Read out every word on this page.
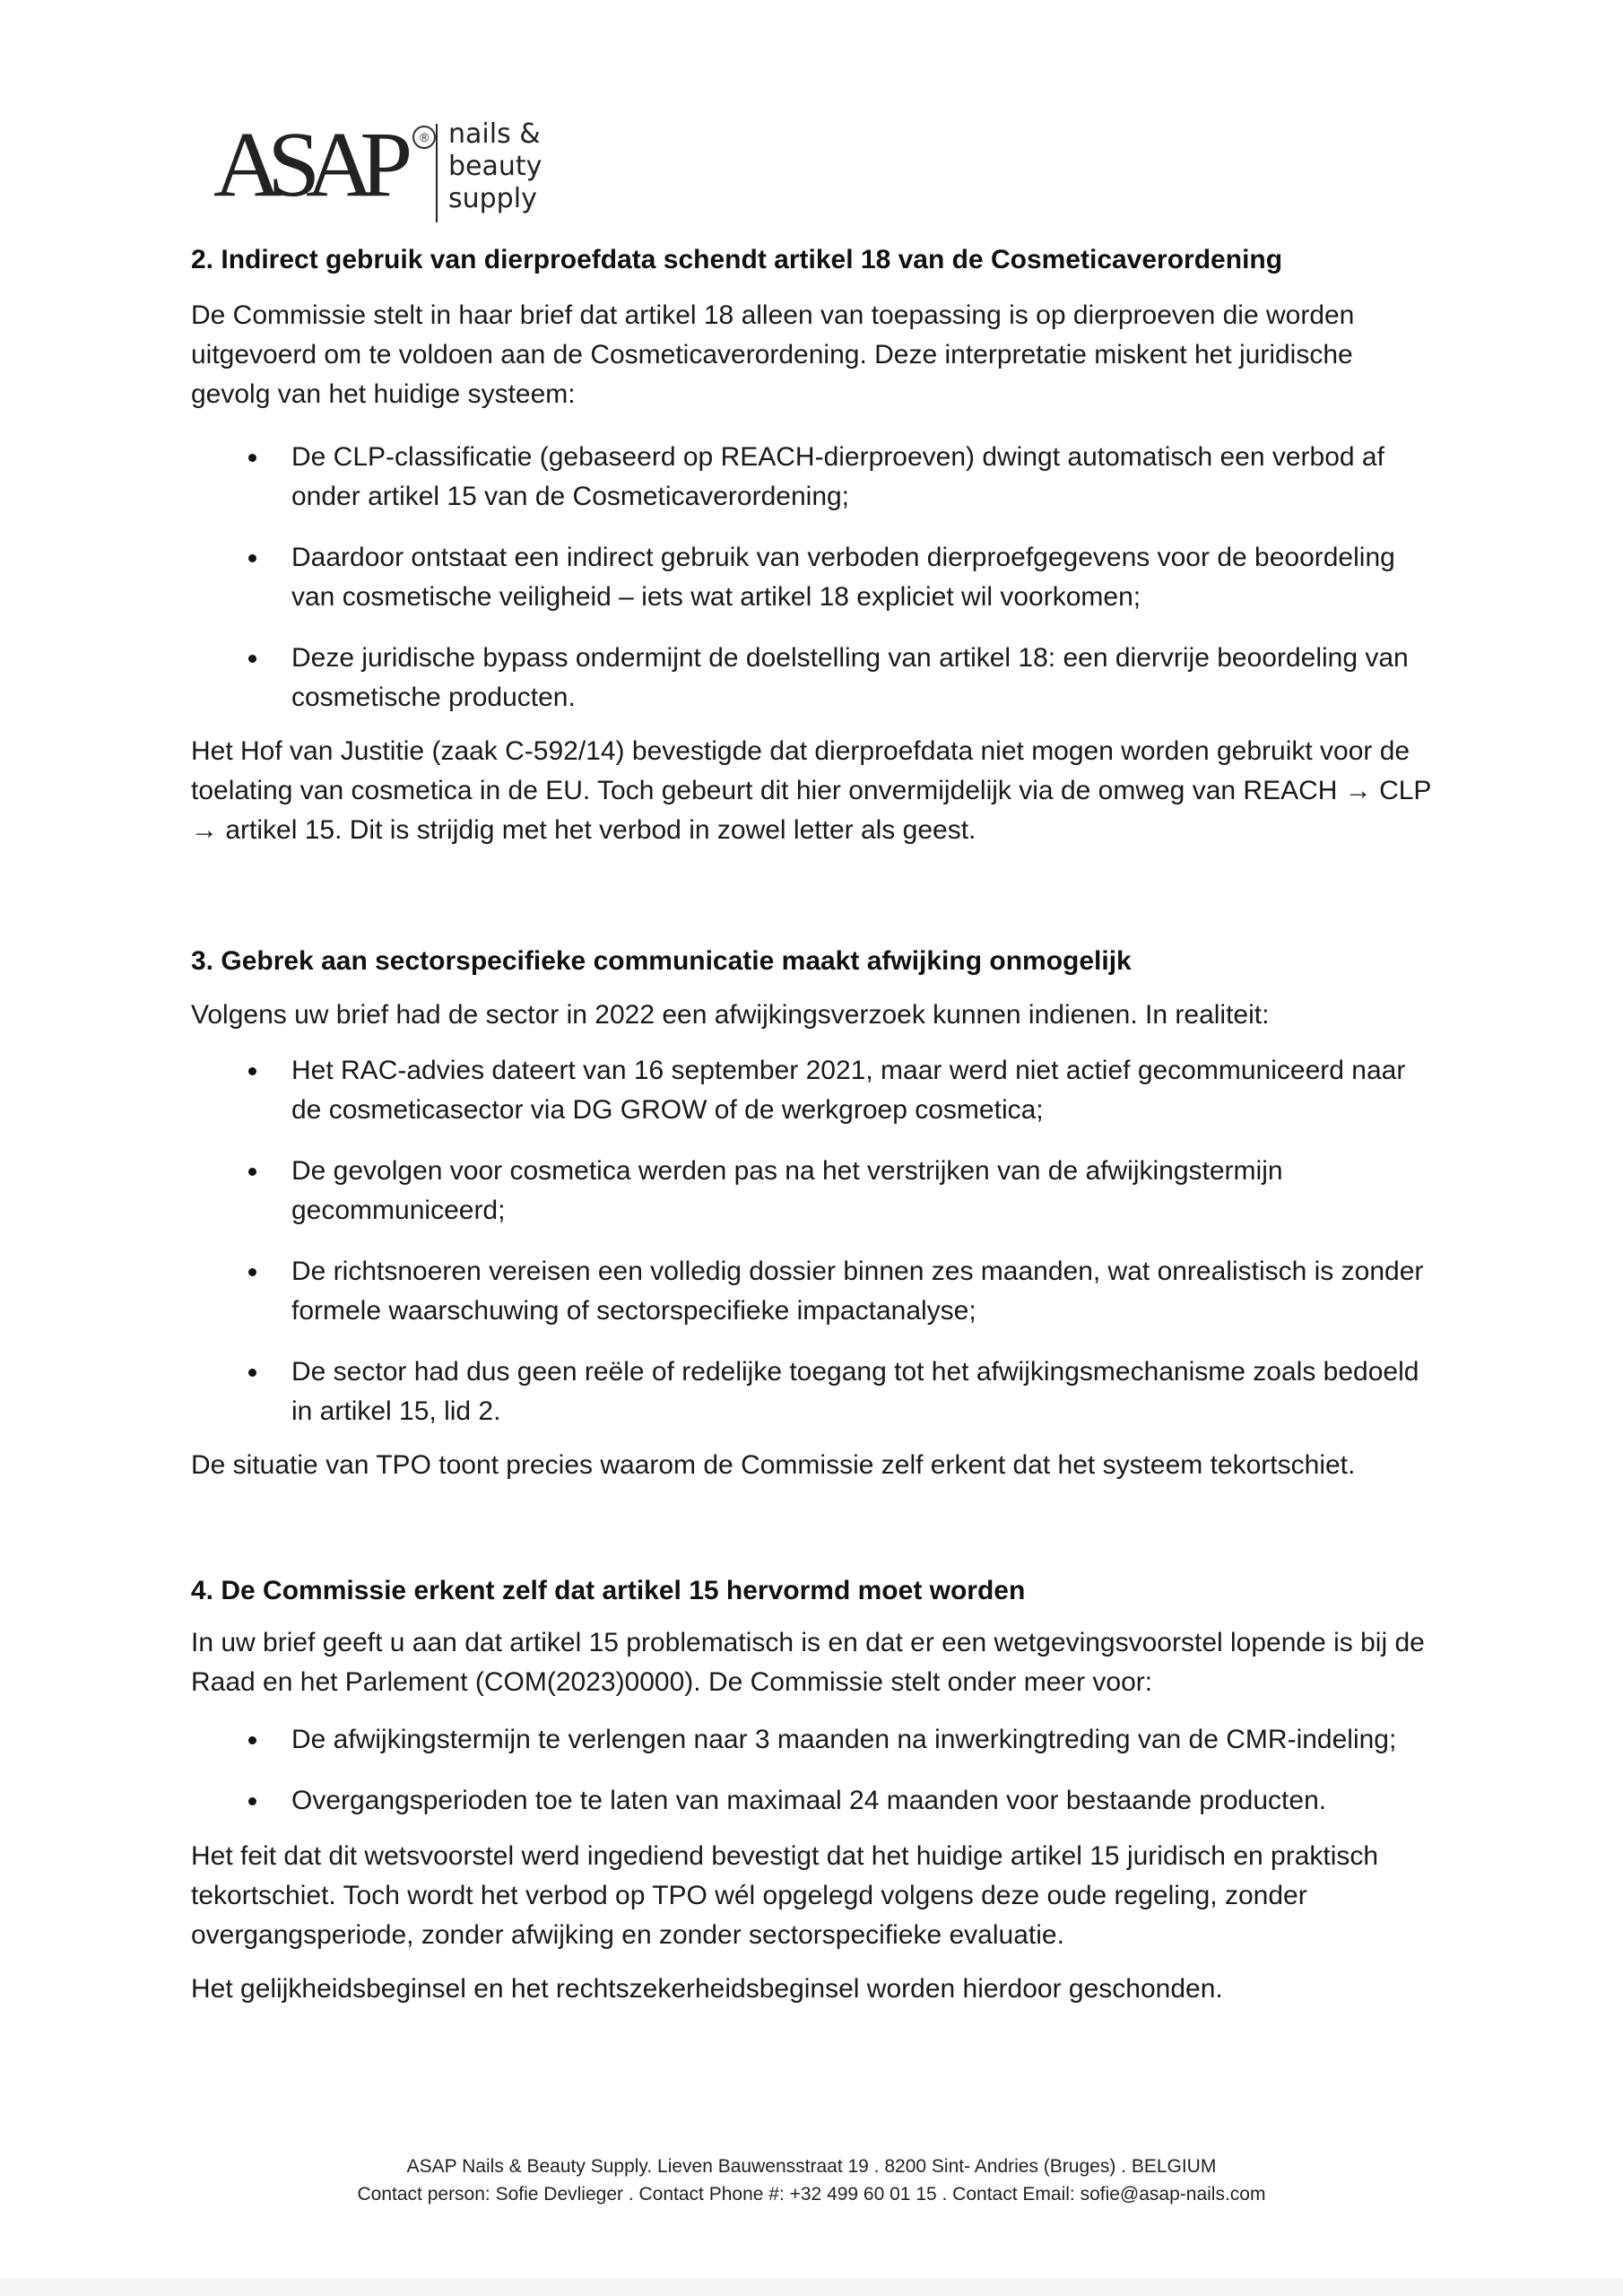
ASAP	® nails &
beauty
supply
2. Indirect gebruik van dierproefdata schendt artikel 18 van de Cosmeticaverordening

De Commissie stelt in haar brief dat artikel 18 alleen van toepassing is op dierproeven die worden uitgevoerd om te voldoen aan de Cosmeticaverordening. Deze interpretatie miskent het juridische gevolg van het huidige systeem:

De CLP-classificatie (gebaseerd op REACH-dierproeven) dwingt automatisch een verbod af onder artikel 15 van de Cosmeticaverordening;
Daardoor ontstaat een indirect gebruik van verboden dierproefgegevens voor de beoordeling van cosmetische veiligheid – iets wat artikel 18 expliciet wil voorkomen;
Deze juridische bypass ondermijnt de doelstelling van artikel 18: een diervrije beoordeling van cosmetische producten.

Het Hof van Justitie (zaak C-592/14) bevestigde dat dierproefdata niet mogen worden gebruikt voor de toelating van cosmetica in de EU. Toch gebeurt dit hier onvermijdelijk via de omweg van REACH → CLP → artikel 15. Dit is strijdig met het verbod in zowel letter als geest.

3. Gebrek aan sectorspecifieke communicatie maakt afwijking onmogelijk

Volgens uw brief had de sector in 2022 een afwijkingsverzoek kunnen indienen. In realiteit:

Het RAC-advies dateert van 16 september 2021, maar werd niet actief gecommuniceerd naar de cosmeticasector via DG GROW of de werkgroep cosmetica;
De gevolgen voor cosmetica werden pas na het verstrijken van de afwijkingstermijn gecommuniceerd;
De richtsnoeren vereisen een volledig dossier binnen zes maanden, wat onrealistisch is zonder formele waarschuwing of sectorspecifieke impactanalyse;
De sector had dus geen reële of redelijke toegang tot het afwijkingsmechanisme zoals bedoeld in artikel 15, lid 2.

De situatie van TPO toont precies waarom de Commissie zelf erkent dat het systeem tekortschiet.

4. De Commissie erkent zelf dat artikel 15 hervormd moet worden

In uw brief geeft u aan dat artikel 15 problematisch is en dat er een wetgevingsvoorstel lopende is bij de Raad en het Parlement (COM(2023)0000). De Commissie stelt onder meer voor:

De afwijkingstermijn te verlengen naar 3 maanden na inwerkingtreding van de CMR-indeling;
Overgangsperioden toe te laten van maximaal 24 maanden voor bestaande producten.

Het feit dat dit wetsvoorstel werd ingediend bevestigt dat het huidige artikel 15 juridisch en praktisch tekortschiet. Toch wordt het verbod op TPO wél opgelegd volgens deze oude regeling, zonder overgangsperiode, zonder afwijking en zonder sectorspecifieke evaluatie.

Het gelijkheidsbeginsel en het rechtszekerheidsbeginsel worden hierdoor geschonden.

ASAP Nails & Beauty Supply. Lieven Bauwensstraat 19 . 8200 Sint- Andries (Bruges) . BELGIUM
Contact person: Sofie Devlieger . Contact Phone #: +32 499 60 01 15 . Contact Email: sofie@asap-nails.com
